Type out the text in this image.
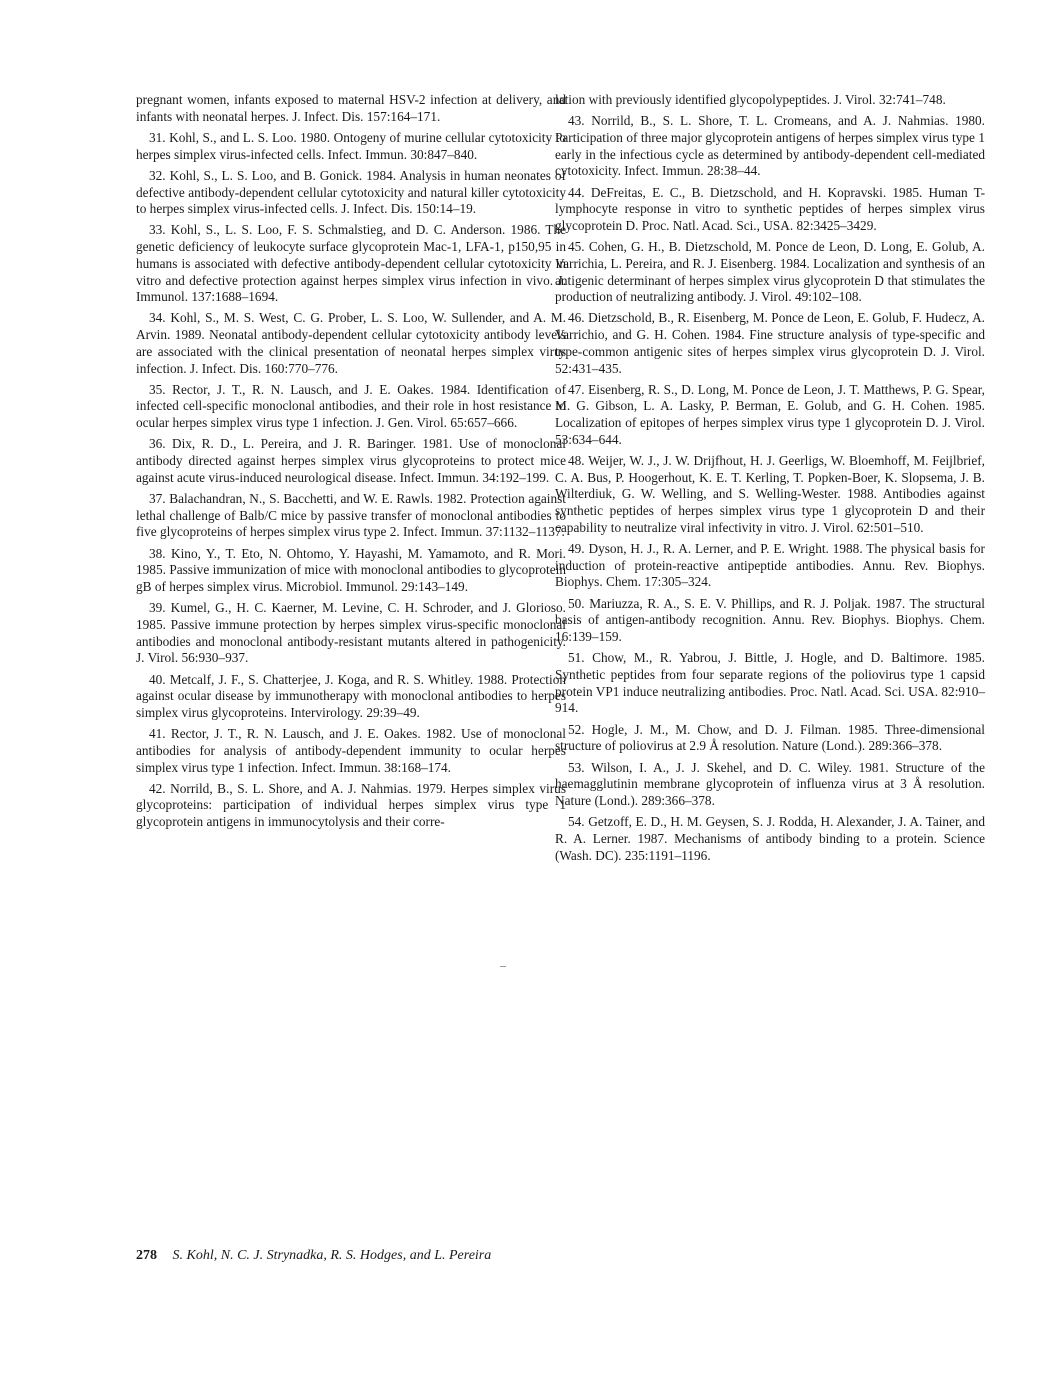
pregnant women, infants exposed to maternal HSV-2 infection at delivery, and infants with neonatal herpes. J. Infect. Dis. 157:164–171.

31. Kohl, S., and L. S. Loo. 1980. Ontogeny of murine cellular cytotoxicity to herpes simplex virus-infected cells. Infect. Immun. 30:847–840.

32. Kohl, S., L. S. Loo, and B. Gonick. 1984. Analysis in human neonates of defective antibody-dependent cellular cytotoxicity and natural killer cytotoxicity to herpes simplex virus-infected cells. J. Infect. Dis. 150:14–19.

33. Kohl, S., L. S. Loo, F. S. Schmalstieg, and D. C. Anderson. 1986. The genetic deficiency of leukocyte surface glycoprotein Mac-1, LFA-1, p150,95 in humans is associated with defective antibody-dependent cellular cytotoxicity in vitro and defective protection against herpes simplex virus infection in vivo. J. Immunol. 137:1688–1694.

34. Kohl, S., M. S. West, C. G. Prober, L. S. Loo, W. Sullender, and A. M. Arvin. 1989. Neonatal antibody-dependent cellular cytotoxicity antibody levels are associated with the clinical presentation of neonatal herpes simplex virus infection. J. Infect. Dis. 160:770–776.

35. Rector, J. T., R. N. Lausch, and J. E. Oakes. 1984. Identification of infected cell-specific monoclonal antibodies, and their role in host resistance to ocular herpes simplex virus type 1 infection. J. Gen. Virol. 65:657–666.

36. Dix, R. D., L. Pereira, and J. R. Baringer. 1981. Use of monoclonal antibody directed against herpes simplex virus glycoproteins to protect mice against acute virus-induced neurological disease. Infect. Immun. 34:192–199.

37. Balachandran, N., S. Bacchetti, and W. E. Rawls. 1982. Protection against lethal challenge of Balb/C mice by passive transfer of monoclonal antibodies to five glycoproteins of herpes simplex virus type 2. Infect. Immun. 37:1132–1137.

38. Kino, Y., T. Eto, N. Ohtomo, Y. Hayashi, M. Yamamoto, and R. Mori. 1985. Passive immunization of mice with monoclonal antibodies to glycoprotein gB of herpes simplex virus. Microbiol. Immunol. 29:143–149.

39. Kumel, G., H. C. Kaerner, M. Levine, C. H. Schroder, and J. Glorioso. 1985. Passive immune protection by herpes simplex virus-specific monoclonal antibodies and monoclonal antibody-resistant mutants altered in pathogenicity. J. Virol. 56:930–937.

40. Metcalf, J. F., S. Chatterjee, J. Koga, and R. S. Whitley. 1988. Protection against ocular disease by immunotherapy with monoclonal antibodies to herpes simplex virus glycoproteins. Intervirology. 29:39–49.

41. Rector, J. T., R. N. Lausch, and J. E. Oakes. 1982. Use of monoclonal antibodies for analysis of antibody-dependent immunity to ocular herpes simplex virus type 1 infection. Infect. Immun. 38:168–174.

42. Norrild, B., S. L. Shore, and A. J. Nahmias. 1979. Herpes simplex virus glycoproteins: participation of individual herpes simplex virus type 1 glycoprotein antigens in immunocytolysis and their corre-

lation with previously identified glycopolypeptides. J. Virol. 32:741–748.

43. Norrild, B., S. L. Shore, T. L. Cromeans, and A. J. Nahmias. 1980. Participation of three major glycoprotein antigens of herpes simplex virus type 1 early in the infectious cycle as determined by antibody-dependent cell-mediated cytotoxicity. Infect. Immun. 28:38–44.

44. DeFreitas, E. C., B. Dietzschold, and H. Kopravski. 1985. Human T-lymphocyte response in vitro to synthetic peptides of herpes simplex virus glycoprotein D. Proc. Natl. Acad. Sci., USA. 82:3425–3429.

45. Cohen, G. H., B. Dietzschold, M. Ponce de Leon, D. Long, E. Golub, A. Varrichia, L. Pereira, and R. J. Eisenberg. 1984. Localization and synthesis of an antigenic determinant of herpes simplex virus glycoprotein D that stimulates the production of neutralizing antibody. J. Virol. 49:102–108.

46. Dietzschold, B., R. Eisenberg, M. Ponce de Leon, E. Golub, F. Hudecz, A. Varrichio, and G. H. Cohen. 1984. Fine structure analysis of type-specific and type-common antigenic sites of herpes simplex virus glycoprotein D. J. Virol. 52:431–435.

47. Eisenberg, R. S., D. Long, M. Ponce de Leon, J. T. Matthews, P. G. Spear, M. G. Gibson, L. A. Lasky, P. Berman, E. Golub, and G. H. Cohen. 1985. Localization of epitopes of herpes simplex virus type 1 glycoprotein D. J. Virol. 53:634–644.

48. Weijer, W. J., J. W. Drijfhout, H. J. Geerligs, W. Bloemhoff, M. Feijlbrief, C. A. Bus, P. Hoogerhout, K. E. T. Kerling, T. Popken-Boer, K. Slopsema, J. B. Wilterdiuk, G. W. Welling, and S. Welling-Wester. 1988. Antibodies against synthetic peptides of herpes simplex virus type 1 glycoprotein D and their capability to neutralize viral infectivity in vitro. J. Virol. 62:501–510.

49. Dyson, H. J., R. A. Lerner, and P. E. Wright. 1988. The physical basis for induction of protein-reactive antipeptide antibodies. Annu. Rev. Biophys. Biophys. Chem. 17:305–324.

50. Mariuzza, R. A., S. E. V. Phillips, and R. J. Poljak. 1987. The structural basis of antigen-antibody recognition. Annu. Rev. Biophys. Biophys. Chem. 16:139–159.

51. Chow, M., R. Yabrou, J. Bittle, J. Hogle, and D. Baltimore. 1985. Synthetic peptides from four separate regions of the poliovirus type 1 capsid protein VP1 induce neutralizing antibodies. Proc. Natl. Acad. Sci. USA. 82:910–914.

52. Hogle, J. M., M. Chow, and D. J. Filman. 1985. Three-dimensional structure of poliovirus at 2.9 Å resolution. Nature (Lond.). 289:366–378.

53. Wilson, I. A., J. J. Skehel, and D. C. Wiley. 1981. Structure of the haemagglutinin membrane glycoprotein of influenza virus at 3 Å resolution. Nature (Lond.). 289:366–378.

54. Getzoff, E. D., H. M. Geysen, S. J. Rodda, H. Alexander, J. A. Tainer, and R. A. Lerner. 1987. Mechanisms of antibody binding to a protein. Science (Wash. DC). 235:1191–1196.

278 S. Kohl, N. C. J. Strynadka, R. S. Hodges, and L. Pereira
